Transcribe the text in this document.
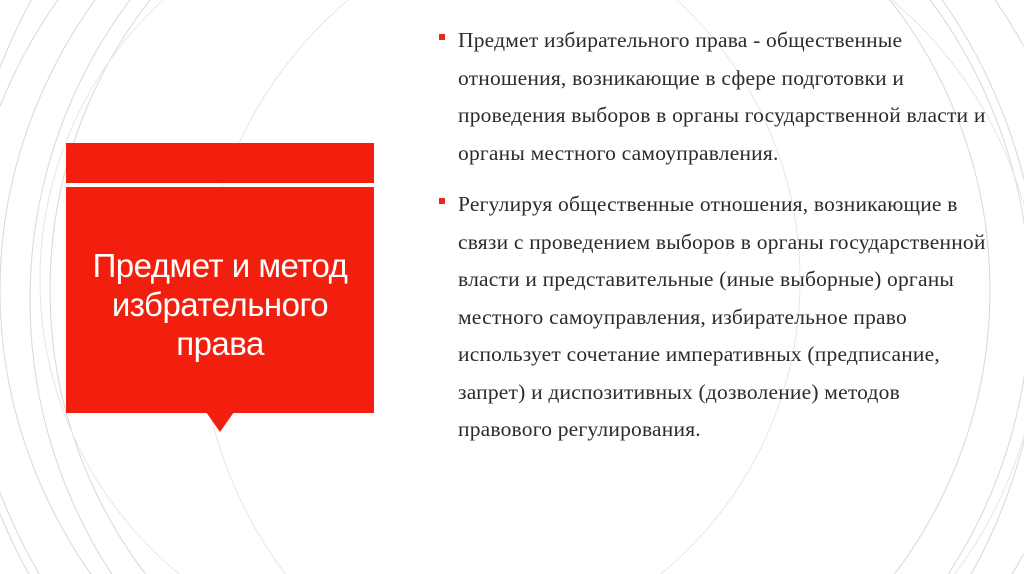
Предмет и метод избрательного права
Предмет избирательного права - общественные отношения, возникающие в сфере подготовки и проведения выборов в органы государственной власти и органы местного самоуправления.
Регулируя общественные отношения, возникающие в связи с проведением выборов в органы государственной власти и представительные (иные выборные) органы местного самоуправления, избирательное право использует сочетание императивных (предписание, запрет) и диспозитивных (дозволение) методов правового регулирования.
